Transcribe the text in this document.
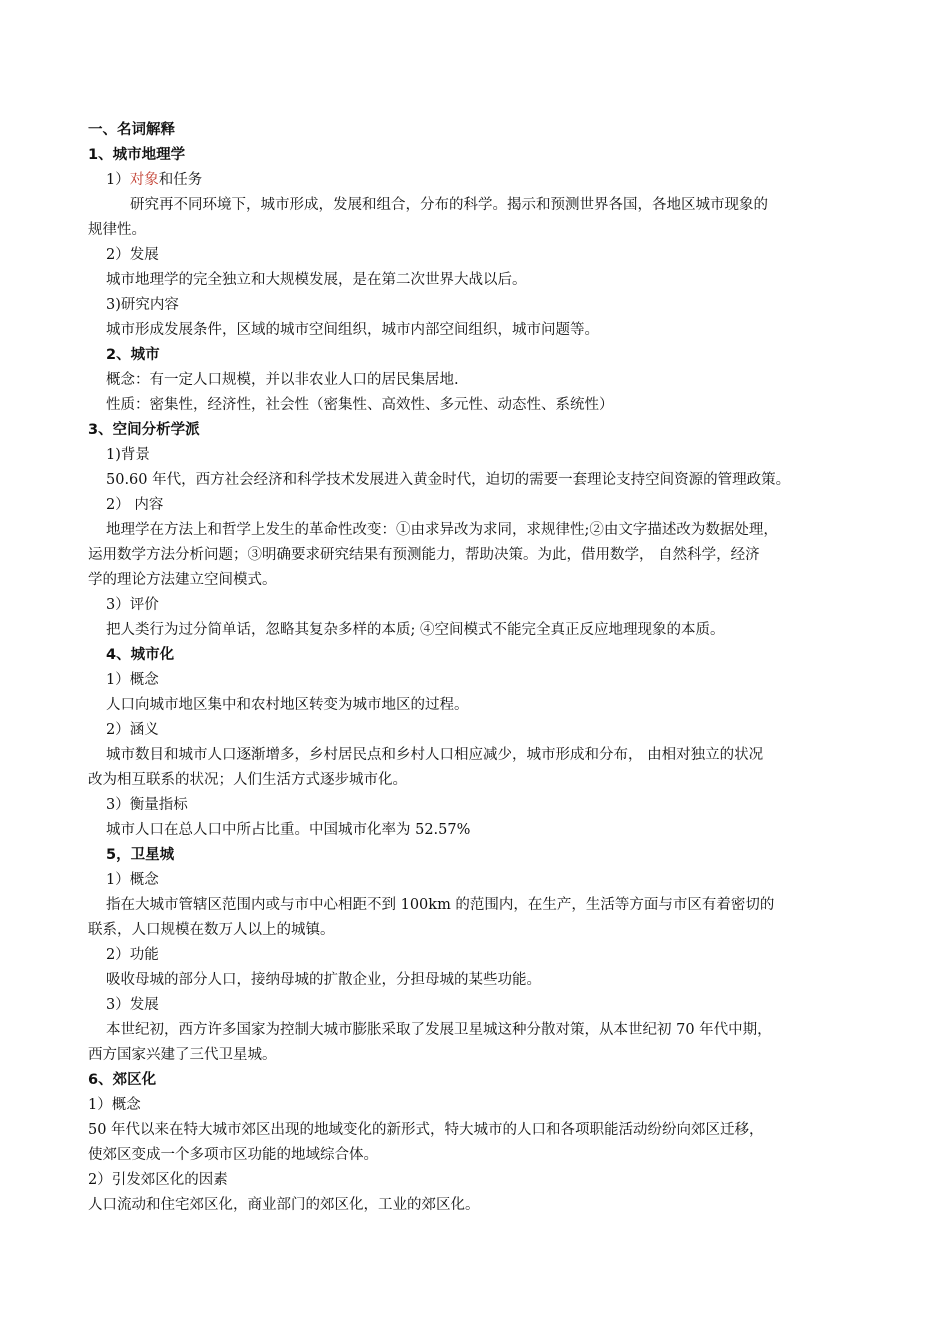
一、名词解释
1、城市地理学
1）对象和任务
研究再不同环境下，城市形成，发展和组合，分布的科学。揭示和预测世界各国，各地区城市现象的
规律性。
2）发展
城市地理学的完全独立和大规模发展，是在第二次世界大战以后。
3)研究内容
城市形成发展条件，区域的城市空间组织，城市内部空间组织，城市问题等。
2、城市
概念：有一定人口规模，并以非农业人口的居民集居地.
性质：密集性，经济性，社会性（密集性、高效性、多元性、动态性、系统性）
3、空间分析学派
1)背景
50.60 年代，西方社会经济和科学技术发展进入黄金时代，迫切的需要一套理论支持空间资源的管理政策。
2） 内容
地理学在方法上和哲学上发生的革命性改变：①由求异改为求同，求规律性;②由文字描述改为数据处理，
运用数学方法分析问题；③明确要求研究结果有预测能力，帮助决策。为此，借用数学， 自然科学，经济
学的理论方法建立空间模式。
3）评价
把人类行为过分简单话，忽略其复杂多样的本质; ④空间模式不能完全真正反应地理现象的本质。
4、城市化
1）概念
人口向城市地区集中和农村地区转变为城市地区的过程。
2）涵义
城市数目和城市人口逐渐增多，乡村居民点和乡村人口相应减少，城市形成和分布， 由相对独立的状况
改为相互联系的状况；人们生活方式逐步城市化。
3）衡量指标
城市人口在总人口中所占比重。中国城市化率为 52.57%
5，卫星城
1）概念
指在大城市管辖区范围内或与市中心相距不到 100km 的范围内，在生产，生活等方面与市区有着密切的
联系，人口规模在数万人以上的城镇。
2）功能
吸收母城的部分人口，接纳母城的扩散企业，分担母城的某些功能。
3）发展
本世纪初，西方许多国家为控制大城市膨胀采取了发展卫星城这种分散对策，从本世纪初 70 年代中期，
西方国家兴建了三代卫星城。
6、郊区化
1）概念
50 年代以来在特大城市郊区出现的地域变化的新形式，特大城市的人口和各项职能活动纷纷向郊区迁移，
使郊区变成一个多项市区功能的地域综合体。
2）引发郊区化的因素
人口流动和住宅郊区化，商业部门的郊区化，工业的郊区化。
